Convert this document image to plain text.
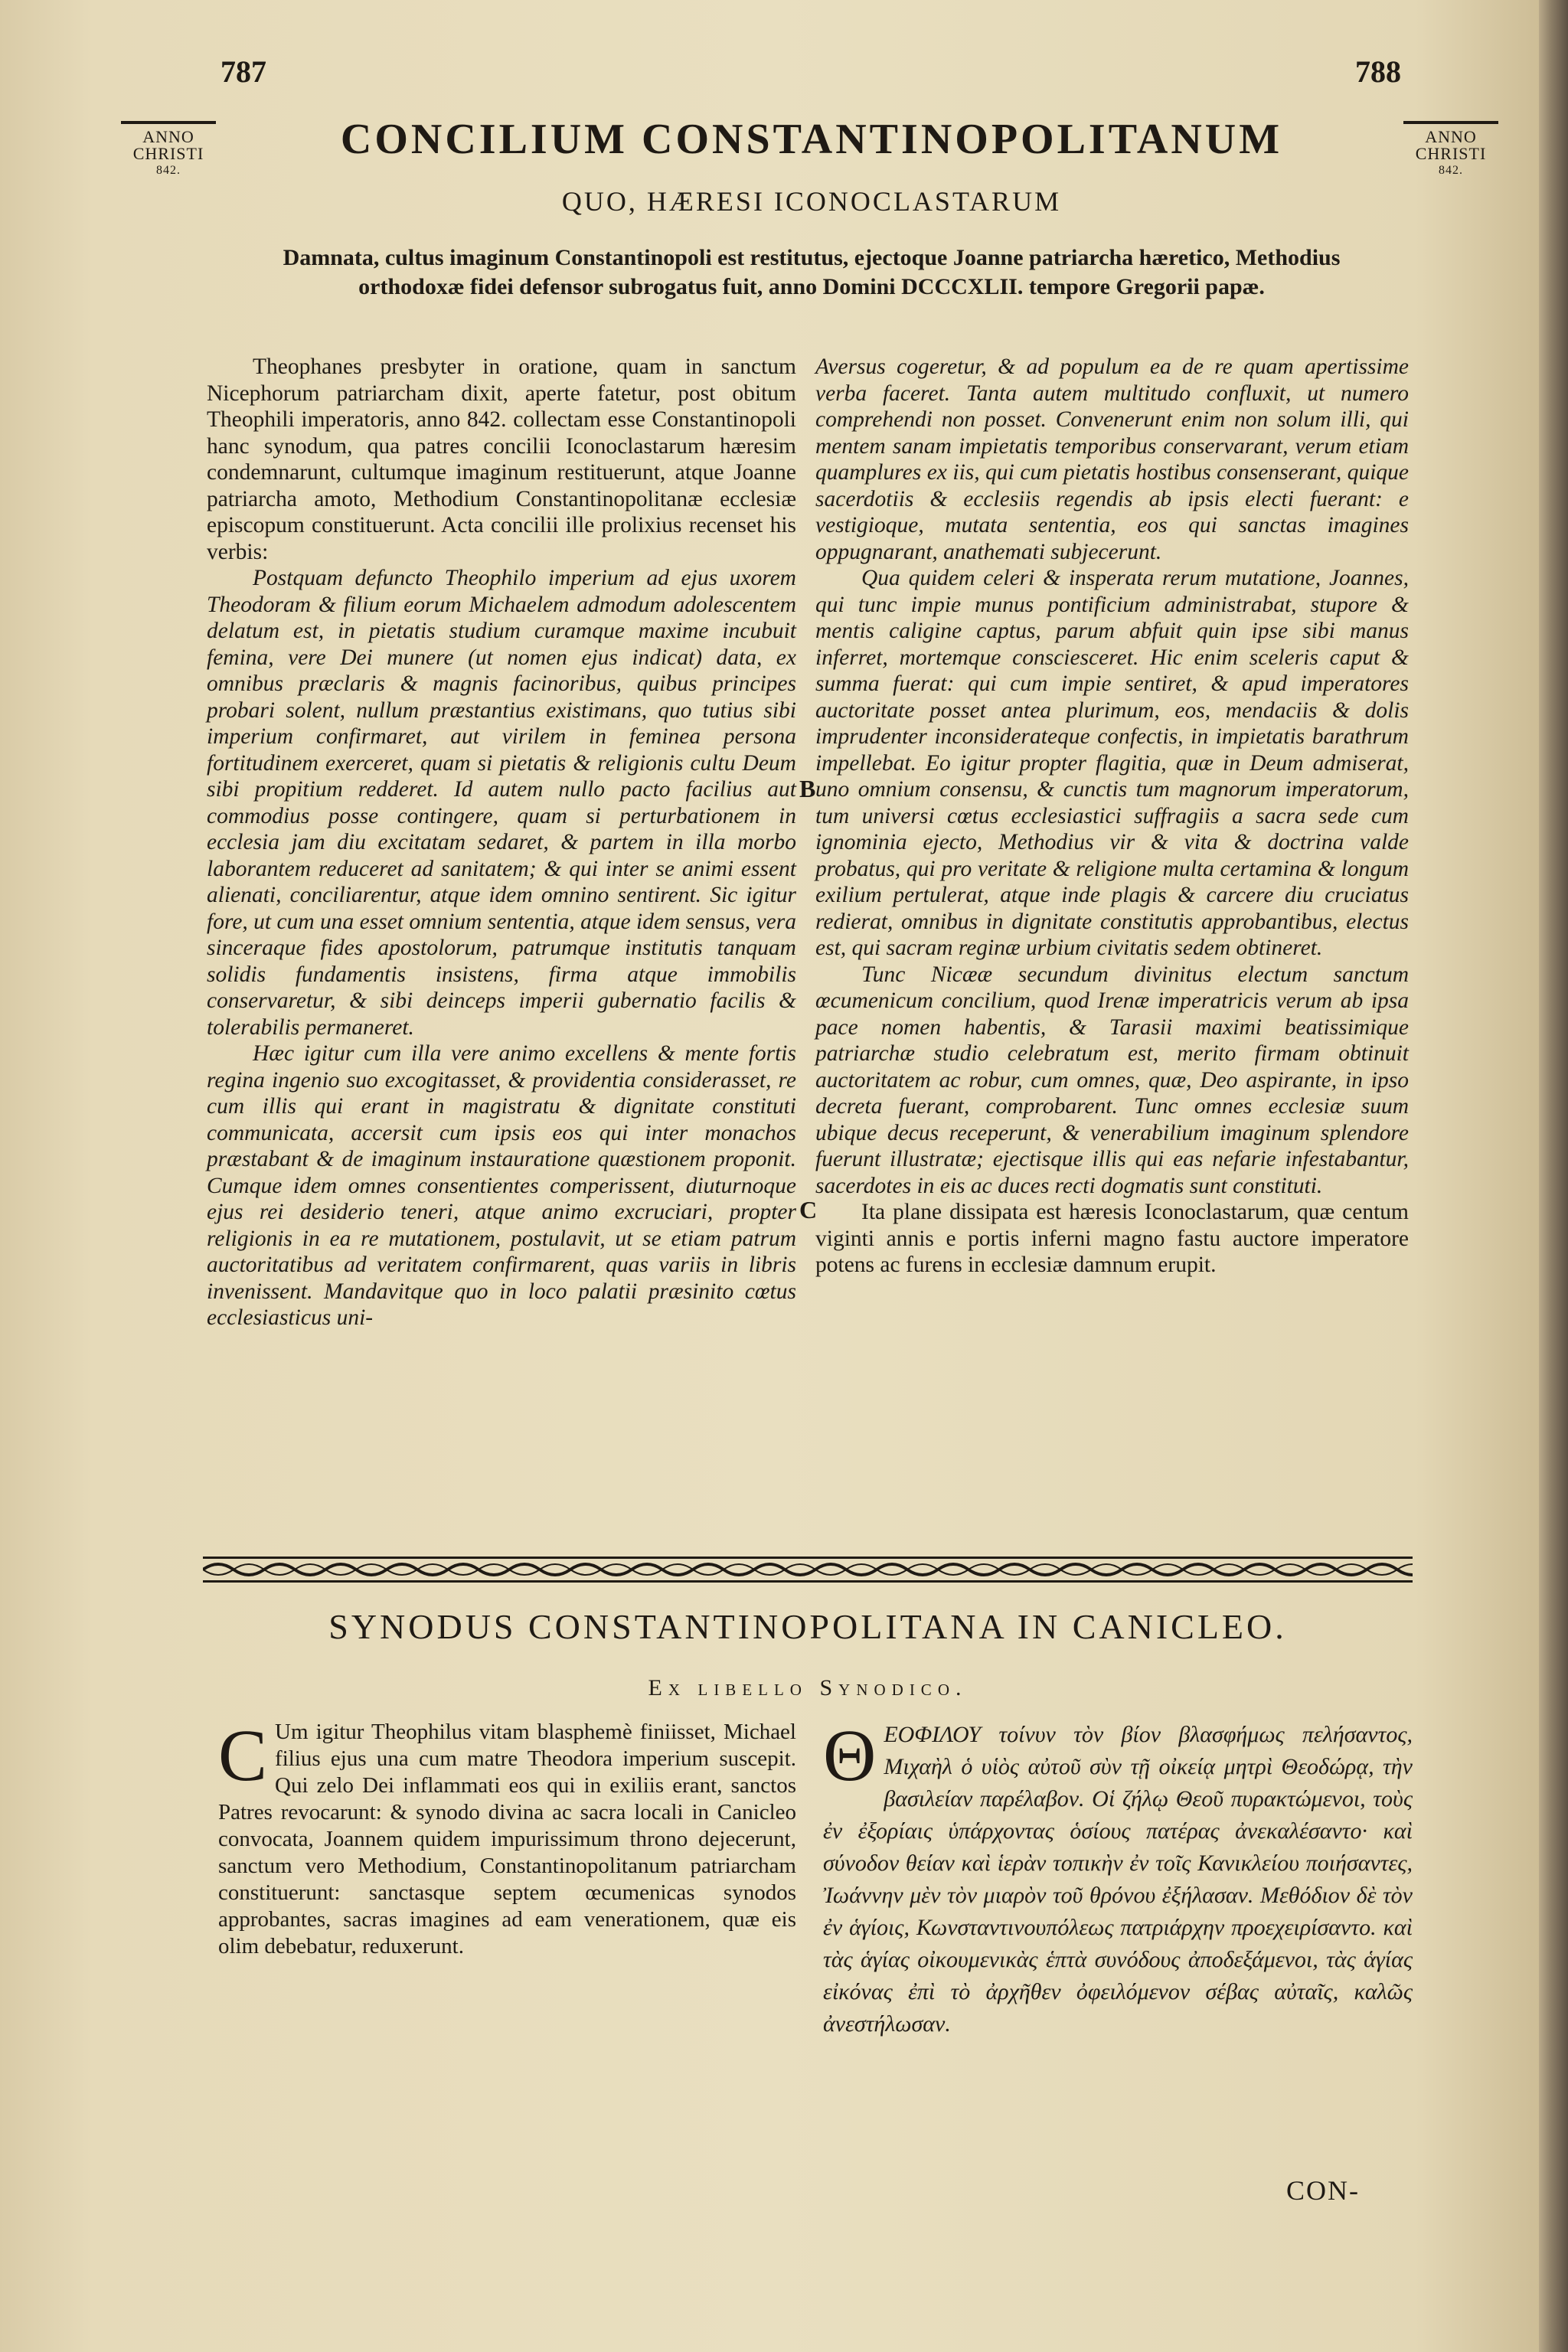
787	788
ANNO
CHRISTI
842.
ANNO
CHRISTI
842.
CONCILIUM CONSTANTINOPOLITANUM
QUO, HÆRESI ICONOCLASTARUM
Damnata, cultus imaginum Constantinopoli est restitutus, ejectoque Joanne patriarcha hæretico, Methodius orthodoxæ fidei defensor subrogatus fuit, anno Domini DCCCXLII. tempore Gregorii papæ.

Theophanes presbyter in oratione, quam in sanctum Nicephorum patriarcham dixit, aperte fatetur, post obitum Theophili imperatoris, anno 842. collectam esse Constantinopoli hanc synodum, qua patres concilii Iconoclastarum hæresim condemnarunt, cultumque imaginum restituerunt, atque Joanne patriarcha amoto, Methodium Constantinopolitanæ ecclesiæ episcopum constituerunt. Acta concilii ille prolixius recenset his verbis:

Postquam defuncto Theophilo imperium ad ejus uxorem Theodoram & filium eorum Michaelem admodum adolescentem delatum est, in pietatis studium curamque maxime incubuit femina, vere Dei munere (ut nomen ejus indicat) data, ex omnibus præclaris & magnis facinoribus, quibus principes probari solent, nullum præstantius existimans, quo tutius sibi imperium confirmaret, aut virilem in feminea persona fortitudinem exerceret, quam si pietatis & religionis cultu Deum sibi propitium redderet. Id autem nullo pacto facilius aut commodius posse contingere, quam si perturbationem in ecclesia jam diu excitatam sedaret, & partem in illa morbo laborantem reduceret ad sanitatem; & qui inter se animi essent alienati, conciliarentur, atque idem omnino sentirent. Sic igitur fore, ut cum una esset omnium sententia, atque idem sensus, vera sinceraque fides apostolorum, patrumque institutis tanquam solidis fundamentis insistens, firma atque immobilis conservaretur, & sibi deinceps imperii gubernatio facilis & tolerabilis permaneret.

Hæc igitur cum illa vere animo excellens & mente fortis regina ingenio suo excogitasset, & providentia considerasset, re cum illis qui erant in magistratu & dignitate constituti communicata, accersit cum ipsis eos qui inter monachos præstabant & de imaginum instauratione quæstionem proponit. Cumque idem omnes consentientes comperissent, diuturnoque ejus rei desiderio teneri, atque animo excruciari, propter religionis in ea re mutationem, postulavit, ut se etiam patrum auctoritatibus ad veritatem confirmarent, quas variis in libris invenissent. Mandavitque quo in loco palatii præsinito cœtus ecclesiasticus uni-

B
C

Aversus cogeretur, & ad populum ea de re quam apertissime verba faceret. Tanta autem multitudo confluxit, ut numero comprehendi non posset. Convenerunt enim non solum illi, qui mentem sanam impietatis temporibus conservarant, verum etiam quamplures ex iis, qui cum pietatis hostibus consenserant, quique sacerdotiis & ecclesiis regendis ab ipsis electi fuerant: e vestigioque, mutata sententia, eos qui sanctas imagines oppugnarant, anathemati subjecerunt.

Qua quidem celeri & insperata rerum mutatione, Joannes, qui tunc impie munus pontificium administrabat, stupore & mentis caligine captus, parum abfuit quin ipse sibi manus inferret, mortemque consciesceret. Hic enim sceleris caput & summa fuerat: qui cum impie sentiret, & apud imperatores auctoritate posset antea plurimum, eos, mendaciis & dolis imprudenter inconsiderateque confectis, in impietatis barathrum impellebat. Eo igitur propter flagitia, quæ in Deum admiserat, uno omnium consensu, & cunctis tum magnorum imperatorum, tum universi cœtus ecclesiastici suffragiis a sacra sede cum ignominia ejecto, Methodius vir & vita & doctrina valde probatus, qui pro veritate & religione multa certamina & longum exilium pertulerat, atque inde plagis & carcere diu cruciatus redierat, omnibus in dignitate constitutis approbantibus, electus est, qui sacram reginæ urbium civitatis sedem obtineret.

Tunc Nicææ secundum divinitus electum sanctum œcumenicum concilium, quod Irenæ imperatricis verum ab ipsa pace nomen habentis, & Tarasii maximi beatissimique patriarchæ studio celebratum est, merito firmam obtinuit auctoritatem ac robur, cum omnes, quæ, Deo aspirante, in ipso decreta fuerant, comprobarent. Tunc omnes ecclesiæ suum ubique decus receperunt, & venerabilium imaginum splendore fuerunt illustratæ; ejectisque illis qui eas nefarie infestabantur, sacerdotes in eis ac duces recti dogmatis sunt constituti.

Ita plane dissipata est hæresis Iconoclastarum, quæ centum viginti annis e portis inferni magno fastu auctore imperatore potens ac furens in ecclesiæ damnum erupit.

SYNODUS CONSTANTINOPOLITANA IN CANICLEO.
Ex libello Synodico.

C Um igitur Theophilus vitam blasphemè finiisset, Michael filius ejus una cum matre Theodora imperium suscepit. Qui zelo Dei inflammati eos qui in exiliis erant, sanctos Patres revocarunt: & synodo divina ac sacra locali in Canicleo convocata, Joannem quidem impurissimum throno dejecerunt, sanctum vero Methodium, Constantinopolitanum patriarcham constituerunt: sanctasque septem œcumenicas synodos approbantes, sacras imagines ad eam venerationem, quæ eis olim debebatur, reduxerunt.

ΘΕΟΦΙΛΟΥ τοίνυν τὸν βίον βλασφήμως πελήσαντος, Μιχαὴλ ὁ υἱὸς αὐτοῦ σὺν τῇ οἰκείᾳ μητρὶ Θεοδώρᾳ, τὴν βασιλείαν παρέλαβον. Οἱ ζήλῳ Θεοῦ πυρακτώμενοι, τοὺς ἐν ἐξορίαις ὑπάρχοντας ὁσίους πατέρας ἀνεκαλέσαντο· καὶ σύνοδον θείαν καὶ ἱερὰν τοπικὴν ἐν τοῖς Κανικλείου ποιήσαντες, Ἰωάννην μὲν τὸν μιαρὸν τοῦ θρόνου ἐξήλασαν. Μεθόδιον δὲ τὸν ἐν ἁγίοις, Κωνσταντινουπόλεως πατριάρχην προεχειρίσαντο. καὶ τὰς ἁγίας οἰκουμενικὰς ἑπτὰ συνόδους ἀποδεξάμενοι, τὰς ἁγίας εἰκόνας ἐπὶ τὸ ἀρχῆθεν ὀφειλόμενον σέβας αὐταῖς, καλῶς ἀνεστήλωσαν.

CON-
